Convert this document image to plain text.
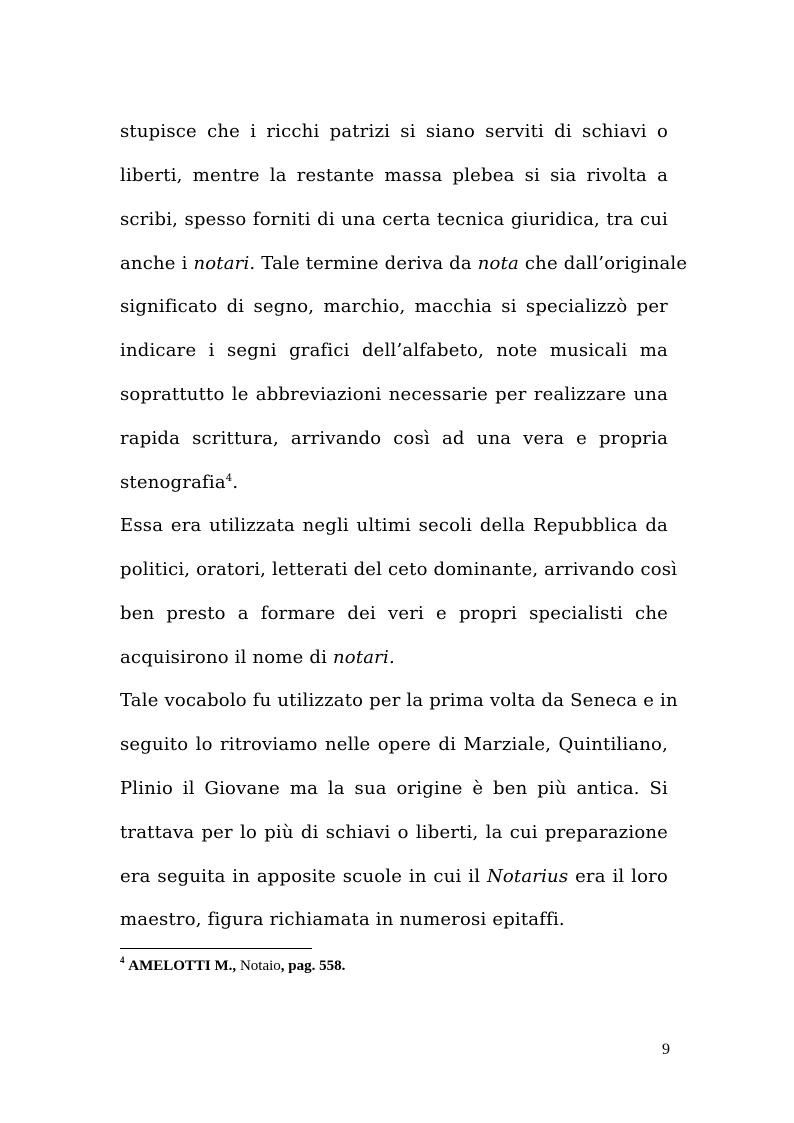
stupisce che i ricchi patrizi si siano serviti di schiavi o
liberti, mentre la restante massa plebea si sia rivolta a
scribi, spesso forniti di una certa tecnica giuridica, tra cui
anche i notari. Tale termine deriva da nota che dall’originale
significato di segno, marchio, macchia si specializzò per
indicare i segni grafici dell’alfabeto, note musicali ma
soprattutto le abbreviazioni necessarie per realizzare una
rapida scrittura, arrivando così ad una vera e propria
stenografia$^4$.
Essa era utilizzata negli ultimi secoli della Repubblica da
politici, oratori, letterati del ceto dominante, arrivando così
ben presto a formare dei veri e propri specialisti che
acquisirono il nome di notari.
Tale vocabolo fu utilizzato per la prima volta da Seneca e in
seguito lo ritroviamo nelle opere di Marziale, Quintiliano,
Plinio il Giovane ma la sua origine è ben più antica. Si
trattava per lo più di schiavi o liberti, la cui preparazione
era seguita in apposite scuole in cui il Notarius era il loro
maestro, figura richiamata in numerosi epitaffi.
$^4$ AMELOTTI M., Notaio, pag. 558.
9
